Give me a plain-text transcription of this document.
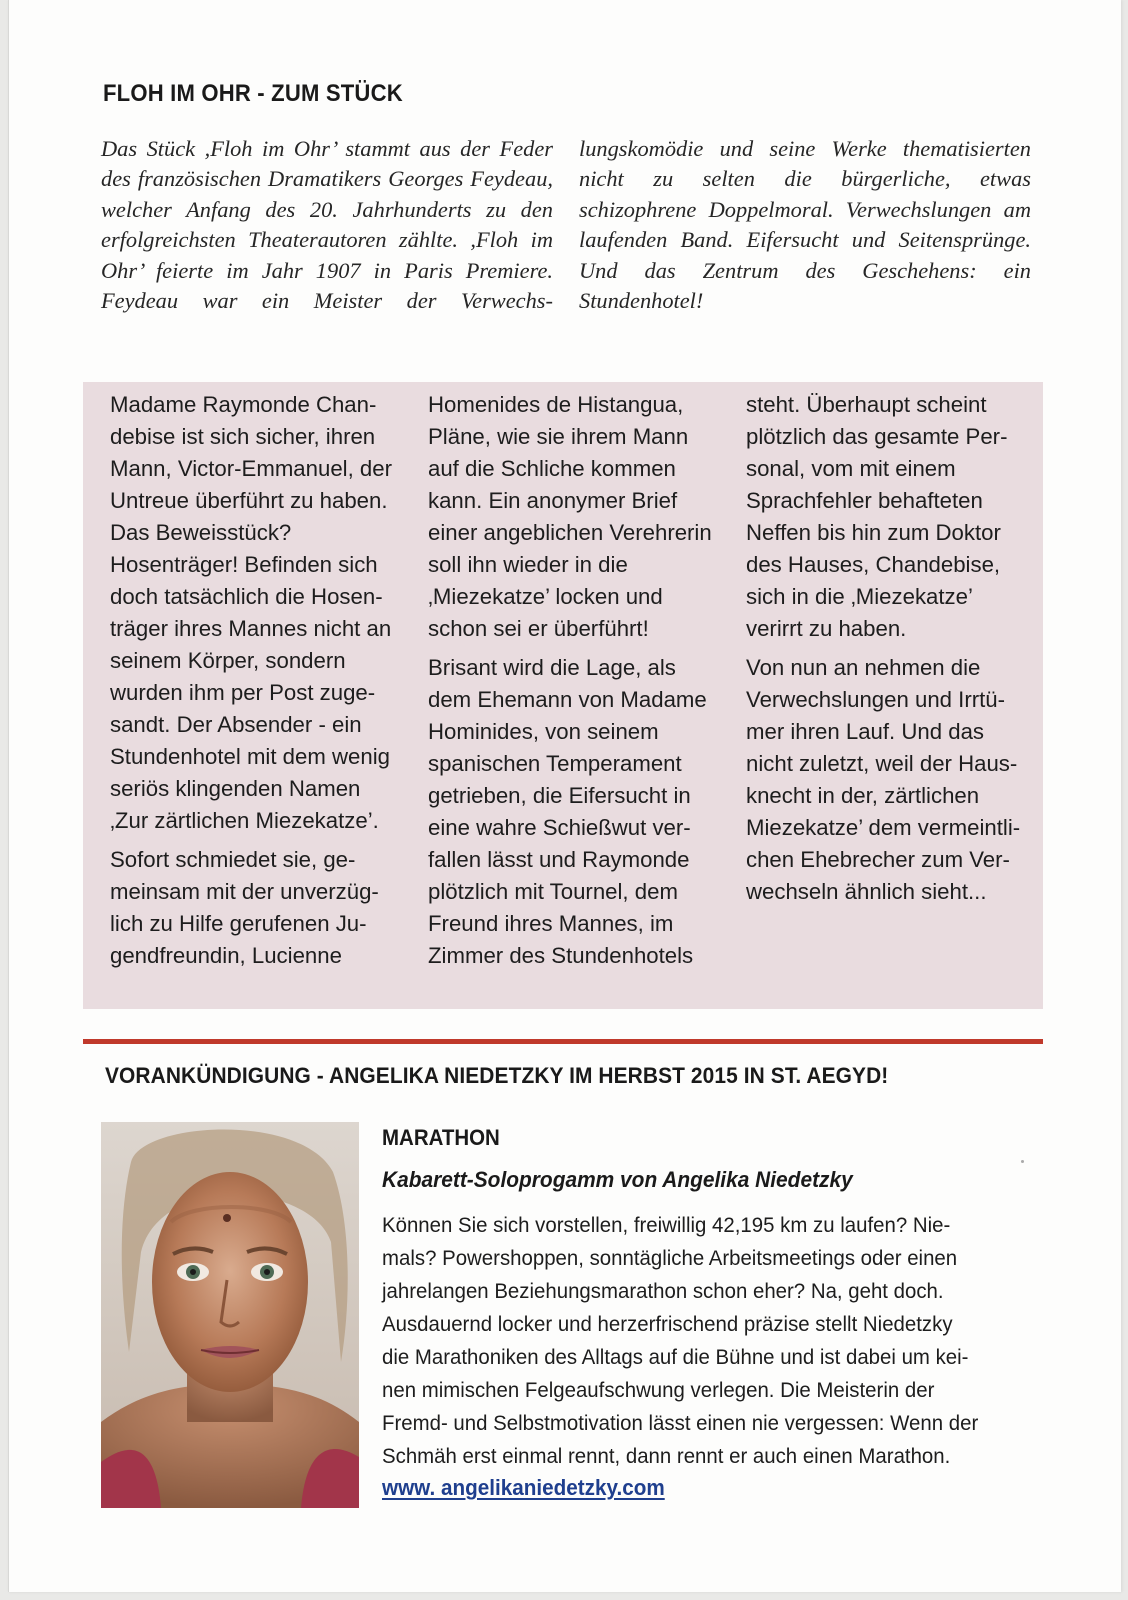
FLOH IM OHR - ZUM STÜCK
Das Stück ,Floh im Ohr’ stammt aus der Feder des französischen Dramatikers Georges Feydeau, welcher Anfang des 20. Jahrhunderts zu den erfolgreichsten Theaterautoren zählte. ,Floh im Ohr’ feierte im Jahr 1907 in Paris Premiere. Feydeau war ein Meister der Verwechslungskomödie und seine Werke thematisierten nicht zu selten die bürgerliche, etwas schizophrene Doppelmoral. Verwechslungen am laufenden Band. Eifersucht und Seitensprünge. Und das Zentrum des Geschehens: ein Stundenhotel!

Madame Raymonde Chandebise ist sich sicher, ihren Mann, Victor-Emmanuel, der Untreue überführt zu haben. Das Beweisstück? Hosenträger! Befinden sich doch tatsächlich die Hosenträger ihres Mannes nicht an seinem Körper, sondern wurden ihm per Post zugesandt. Der Absender - ein Stundenhotel mit dem wenig seriös klingenden Namen ‚Zur zärtlichen Miezekatze’.

Sofort schmiedet sie, gemeinsam mit der unverzüglich zu Hilfe gerufenen Jugendfreundin, Lucienne Homenides de Histangua, Pläne, wie sie ihrem Mann auf die Schliche kommen kann. Ein anonymer Brief einer angeblichen Verehrerin soll ihn wieder in die ‚Miezekatze’ locken und schon sei er überführt!

Brisant wird die Lage, als dem Ehemann von Madame Hominides, von seinem spanischen Temperament getrieben, die Eifersucht in eine wahre Schießwut verfallen lässt und Raymonde plötzlich mit Tournel, dem Freund ihres Mannes, im Zimmer des Stundenhotels steht. Überhaupt scheint plötzlich das gesamte Personal, vom mit einem Sprachfehler behafteten Neffen bis hin zum Doktor des Hauses, Chandebise, sich in die ‚Miezekatze’ verirrt zu haben.

Von nun an nehmen die Verwechslungen und Irrtümer ihren Lauf. Und das nicht zuletzt, weil der Hausknecht in der, zärtlichen Miezekatze’ dem vermeintlichen Ehebrecher zum Verwechseln ähnlich sieht...

VORANKÜNDIGUNG - ANGELIKA NIEDETZKY IM HERBST 2015 IN ST. AEGYD!
MARATHON
Kabarett-Soloprogamm von Angelika Niedetzky
Können Sie sich vorstellen, freiwillig 42,195 km zu laufen? Nie-
mals? Powershoppen, sonntägliche Arbeitsmeetings oder einen
jahrelangen Beziehungsmarathon schon eher? Na, geht doch.
Ausdauernd locker und herzerfrischend präzise stellt Niedetzky
die Marathoniken des Alltags auf die Bühne und ist dabei um kei-
nen mimischen Felgeaufschwung verlegen. Die Meisterin der
Fremd- und Selbstmotivation lässt einen nie vergessen: Wenn der
Schmäh erst einmal rennt, dann rennt er auch einen Marathon.
www. angelikaniedetzky.com
